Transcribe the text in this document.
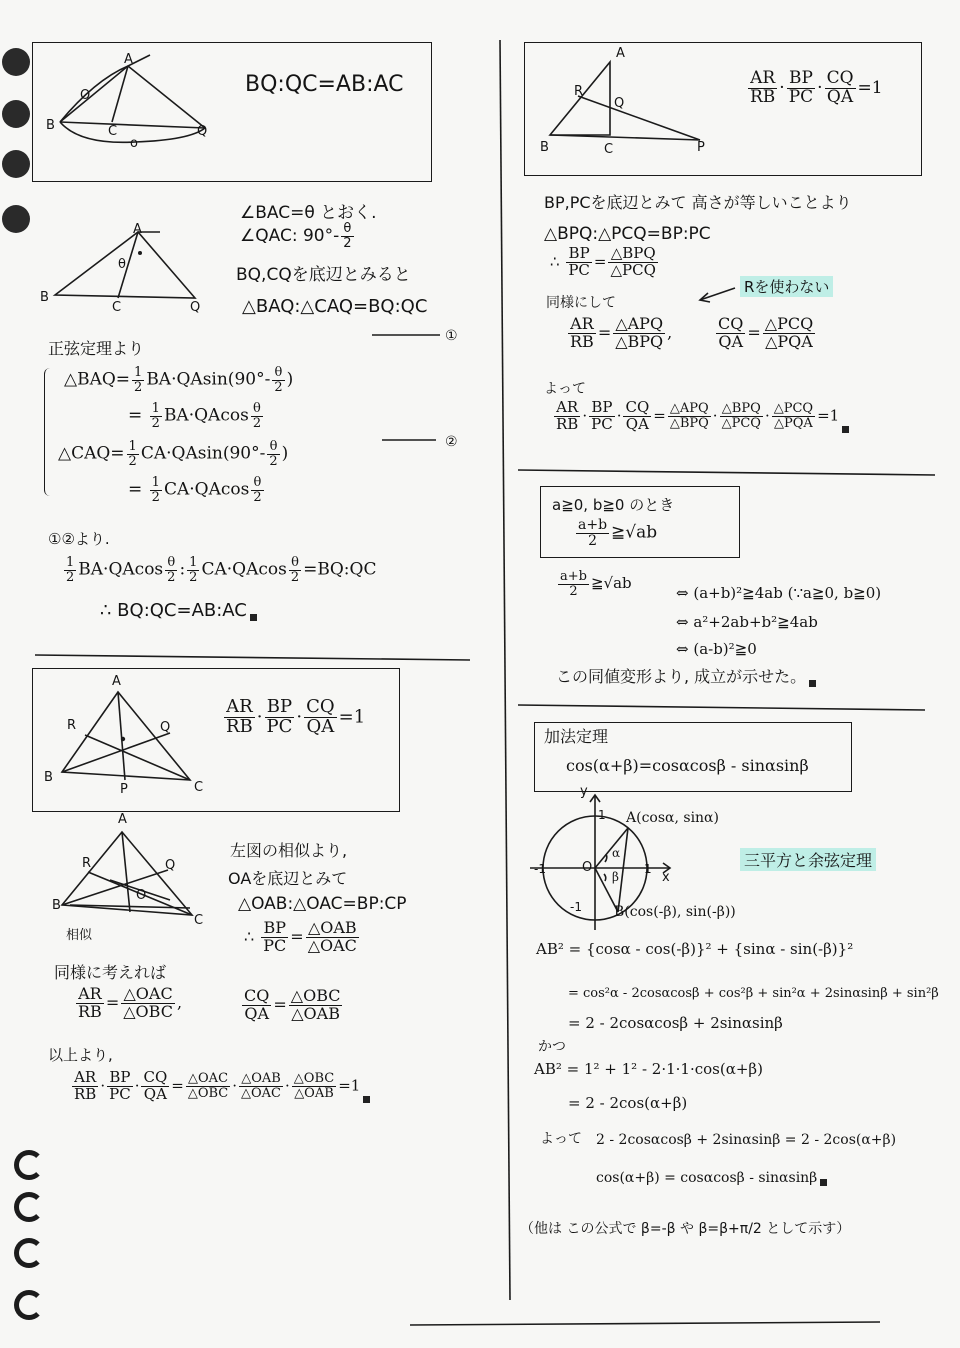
A
B	C	Q
O
o
BQ:QC=AB:AC
A
B
C	Q
θ
∠BAC=θ とおく.
∠QAC: $90^\circ- \frac{\theta}{2}$
BQ,CQを底辺とみると
△BAQ:△CAQ=BQ:QC
①
正弦定理より
△BAQ= $\frac{1}{2} BA\cdot QAsin(90^\circ- \frac{\theta}{2}$ )
= $\frac{1}{2} BA\cdot QAcos \frac{\theta}{2}$
△CAQ= $\frac{1}{2} CA\cdot QAsin(90^\circ- \frac{\theta}{2}$ )
= $\frac{1}{2} CA\cdot QAcos \frac{\theta}{2}$
②
①②より.
$\frac{1}{2} BA\cdot QAcos \frac{\theta}{2}$ : $\frac{1}{2} CA\cdot QAcos \frac{\theta}{2}$ =BQ:QC
∴ BQ:QC=AB:AC
A
B
C
P
Q
R	$\frac{AR}{RB} \cdot \frac{BP}{PC} \cdot \frac{CQ}{QA} =1$
A
B
C
Q
R
O
相似
左図の相似より,
OAを底辺とみて
△OAB:△OAC=BP:CP
∴ $\frac{BP}{PC} = \frac{\text{△OAB}}{\text{△OAC}}$
同様に考えれば
$\frac{AR}{RB} = \frac{\text{△OAC}}{\text{△OBC}}$ ,	$\frac{CQ}{QA} = \frac{\text{△OBC}}{\text{△OAB}}$
以上より,
$\frac{AR}{RB} \cdot \frac{BP}{PC} \cdot \frac{CQ}{QA} = \frac{\text{△OAC}}{\text{△OBC}} \cdot \frac{\text{△OAB}}{\text{△OAC}} \cdot \frac{\text{△OBC}}{\text{△OAB}} =1$
A
B	C	P
Q
R	$\frac{AR}{RB} \cdot \frac{BP}{PC} \cdot \frac{CQ}{QA} =1$
BP,PCを底辺とみて 高さが等しいことより
△BPQ:△PCQ=BP:PC
∴ $\frac{BP}{PC} = \frac{\text{△BPQ}}{\text{△PCQ}}$
同様にして
Rを使わない
$\frac{AR}{RB} = \frac{\text{△APQ}}{\text{△BPQ}}$ ,	$\frac{CQ}{QA} = \frac{\text{△PCQ}}{\text{△PQA}}$
よって
$\frac{AR}{RB} \cdot \frac{BP}{PC} \cdot \frac{CQ}{QA} = \frac{\text{△APQ}}{\text{△BPQ}} \cdot \frac{\text{△BPQ}}{\text{△PCQ}} \cdot \frac{\text{△PCQ}}{\text{△PQA}} =1$
a≧0, b≧0 のとき
$\frac{a+b}{2}$ ≧√ab
$\frac{a+b}{2}$ ≧√ab
⇔ (a+b)²≧4ab (∵a≧0, b≧0)
⇔ a²+2ab+b²≧4ab
⇔ (a-b)²≧0
この同値変形より, 成立が示せた。
加法定理
cos(α+β)=cosαcosβ - sinαsinβ
y
x
O	1
-1
1
-1
A(cosα, sinα)
B(cos(-β), sin(-β))
α
β
三平方と余弦定理
AB² = {cosα - cos(-β)}² + {sinα - sin(-β)}²
= cos²α - 2cosαcosβ + cos²β + sin²α + 2sinαsinβ + sin²β
= 2 - 2cosαcosβ + 2sinαsinβ
かつ
AB² = 1² + 1² - 2·1·1·cos(α+β)
= 2 - 2cos(α+β)
よって 2 - 2cosαcosβ + 2sinαsinβ = 2 - 2cos(α+β)
cos(α+β) = cosαcosβ - sinαsinβ
（他は この公式で β=-β や β=β+π/2 として示す）
